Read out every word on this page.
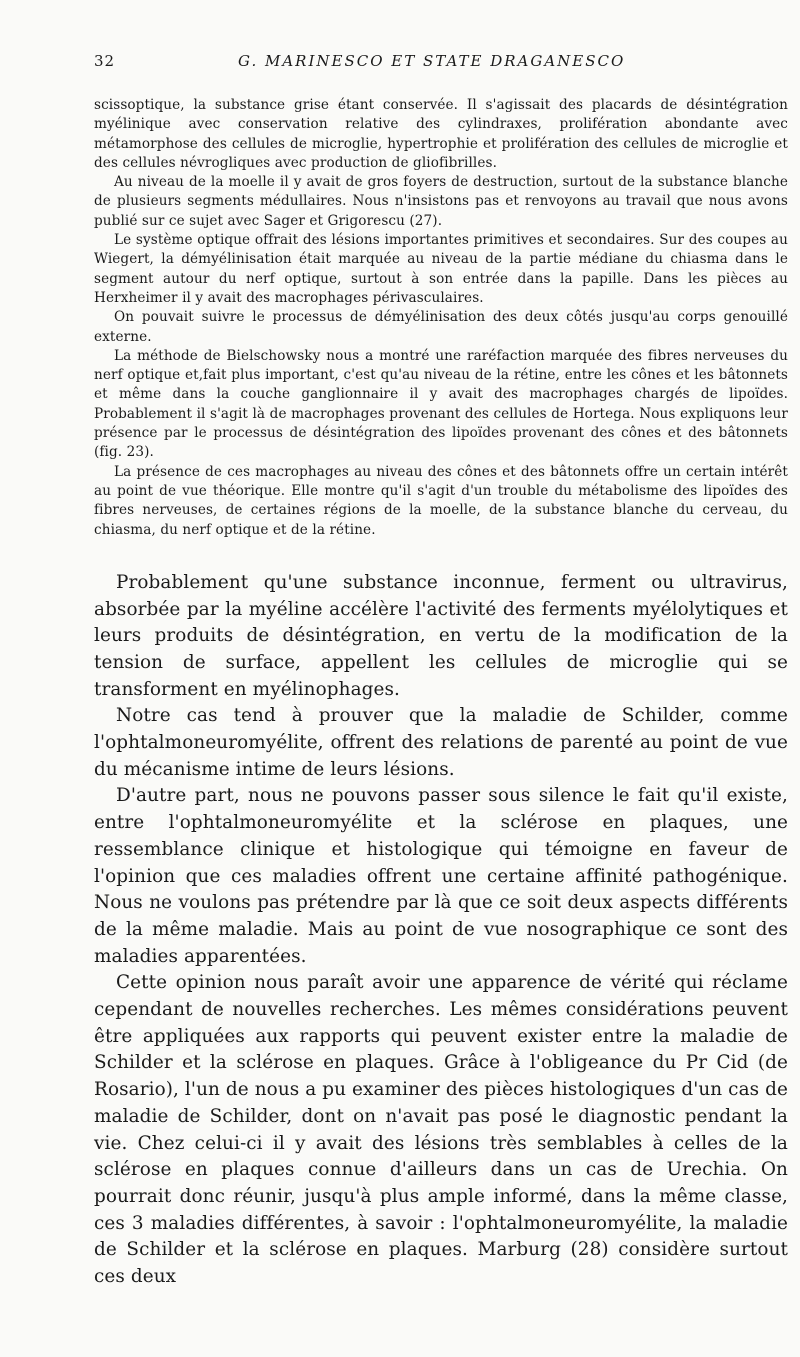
32	G. MARINESCO ET STATE DRAGANESCO

scissoptique, la substance grise étant conservée. Il s'agissait des placards de désintégration myélinique avec conservation relative des cylindraxes, prolifération abondante avec métamorphose des cellules de microglie, hypertrophie et prolifération des cellules de microglie et des cellules névrogliques avec production de gliofibrilles.

Au niveau de la moelle il y avait de gros foyers de destruction, surtout de la substance blanche de plusieurs segments médullaires. Nous n'insistons pas et renvoyons au travail que nous avons publié sur ce sujet avec Sager et Grigorescu (27).

Le système optique offrait des lésions importantes primitives et secondaires. Sur des coupes au Wiegert, la démyélinisation était marquée au niveau de la partie médiane du chiasma dans le segment autour du nerf optique, surtout à son entrée dans la papille. Dans les pièces au Herxheimer il y avait des macrophages périvasculaires.

On pouvait suivre le processus de démyélinisation des deux côtés jusqu'au corps genouillé externe.

La méthode de Bielschowsky nous a montré une raréfaction marquée des fibres nerveuses du nerf optique et,fait plus important, c'est qu'au niveau de la rétine, entre les cônes et les bâtonnets et même dans la couche ganglionnaire il y avait des macrophages chargés de lipoïdes. Probablement il s'agit là de macrophages provenant des cellules de Hortega. Nous expliquons leur présence par le processus de désintégration des lipoïdes provenant des cônes et des bâtonnets (fig. 23).

La présence de ces macrophages au niveau des cônes et des bâtonnets offre un certain intérêt au point de vue théorique. Elle montre qu'il s'agit d'un trouble du métabolisme des lipoïdes des fibres nerveuses, de certaines régions de la moelle, de la substance blanche du cerveau, du chiasma, du nerf optique et de la rétine.

Probablement qu'une substance inconnue, ferment ou ultravirus, absorbée par la myéline accélère l'activité des ferments myélolytiques et leurs produits de désintégration, en vertu de la modification de la tension de surface, appellent les cellules de microglie qui se transforment en myélinophages.

Notre cas tend à prouver que la maladie de Schilder, comme l'ophtalmoneuromyélite, offrent des relations de parenté au point de vue du mécanisme intime de leurs lésions.

D'autre part, nous ne pouvons passer sous silence le fait qu'il existe, entre l'ophtalmoneuromyélite et la sclérose en plaques, une ressemblance clinique et histologique qui témoigne en faveur de l'opinion que ces maladies offrent une certaine affinité pathogénique. Nous ne voulons pas prétendre par là que ce soit deux aspects différents de la même maladie. Mais au point de vue nosographique ce sont des maladies apparentées.

Cette opinion nous paraît avoir une apparence de vérité qui réclame cependant de nouvelles recherches. Les mêmes considérations peuvent être appliquées aux rapports qui peuvent exister entre la maladie de Schilder et la sclérose en plaques. Grâce à l'obligeance du Pr Cid (de Rosario), l'un de nous a pu examiner des pièces histologiques d'un cas de maladie de Schilder, dont on n'avait pas posé le diagnostic pendant la vie. Chez celui-ci il y avait des lésions très semblables à celles de la sclérose en plaques connue d'ailleurs dans un cas de Urechia. On pourrait donc réunir, jusqu'à plus ample informé, dans la même classe, ces 3 maladies différentes, à savoir : l'ophtalmoneuromyélite, la maladie de Schilder et la sclérose en plaques. Marburg (28) considère surtout ces deux
